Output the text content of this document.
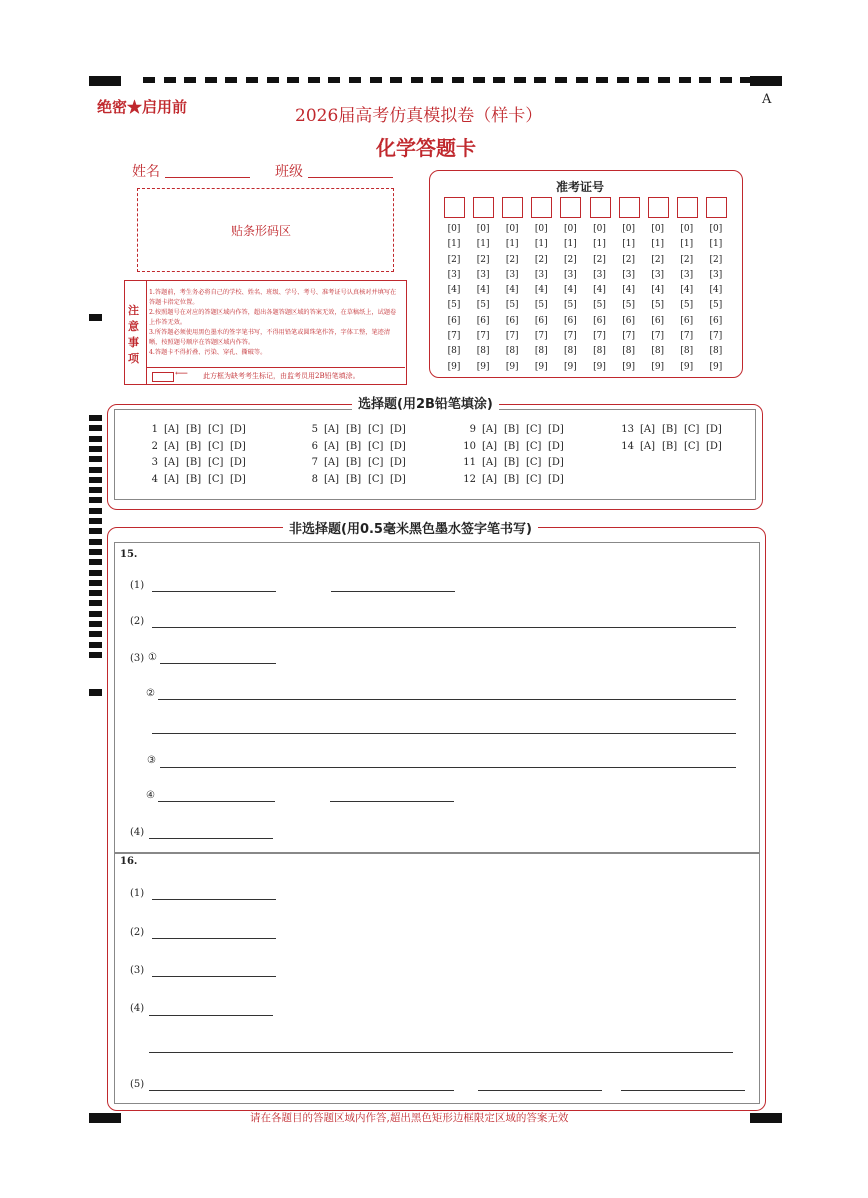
绝密★启用前	A
2026届高考仿真模拟卷（样卡）
化学答题卡
姓名	班级
贴条形码区
注意事项
1.答题前，考生务必将自己的学校、姓名、班级、学号、考号、准考证号认真核对并填写在答题卡指定位置。
2.按照题号在对应的答题区域内作答，超出各题答题区域的答案无效，在草稿纸上，试题卷上作答无效。
3.所答题必须使用黑色墨水的签字笔书写，不得用铅笔或圆珠笔作答，字体工整，笔迹清晰，按照题号顺序在答题区域内作答。
4.答题卡不得折叠、污染、穿孔、撕破等。
⟵ 此方框为缺考考生标记，由监考员用2B铅笔填涂。
准考证号
[0]
[1]
[2]
[3]
[4]
[5]
[6]
[7]
[8]
[9]
[0]
[1]
[2]
[3]
[4]
[5]
[6]
[7]
[8]
[9]
[0]
[1]
[2]
[3]
[4]
[5]
[6]
[7]
[8]
[9]
[0]
[1]
[2]
[3]
[4]
[5]
[6]
[7]
[8]
[9]
[0]
[1]
[2]
[3]
[4]
[5]
[6]
[7]
[8]
[9]
[0]
[1]
[2]
[3]
[4]
[5]
[6]
[7]
[8]
[9]
[0]
[1]
[2]
[3]
[4]
[5]
[6]
[7]
[8]
[9]
[0]
[1]
[2]
[3]
[4]
[5]
[6]
[7]
[8]
[9]
[0]
[1]
[2]
[3]
[4]
[5]
[6]
[7]
[8]
[9]
[0]
[1]
[2]
[3]
[4]
[5]
[6]
[7]
[8]
[9]
选择题(用2B铅笔填涂)
1 [A] [B] [C] [D]
2 [A] [B] [C] [D]
3 [A] [B] [C] [D]
4 [A] [B] [C] [D]
5 [A] [B] [C] [D]
6 [A] [B] [C] [D]
7 [A] [B] [C] [D]
8 [A] [B] [C] [D]
9 [A] [B] [C] [D]
10 [A] [B] [C] [D]
11 [A] [B] [C] [D]
12 [A] [B] [C] [D]
13 [A] [B] [C] [D]
14 [A] [B] [C] [D]
非选择题(用0.5毫米黑色墨水签字笔书写)
15.
(1)
(2)
(3) ①
②
③
④
(4)
16.
(1)
(2)
(3)
(4)
(5)
请在各题目的答题区域内作答,超出黑色矩形边框限定区域的答案无效
